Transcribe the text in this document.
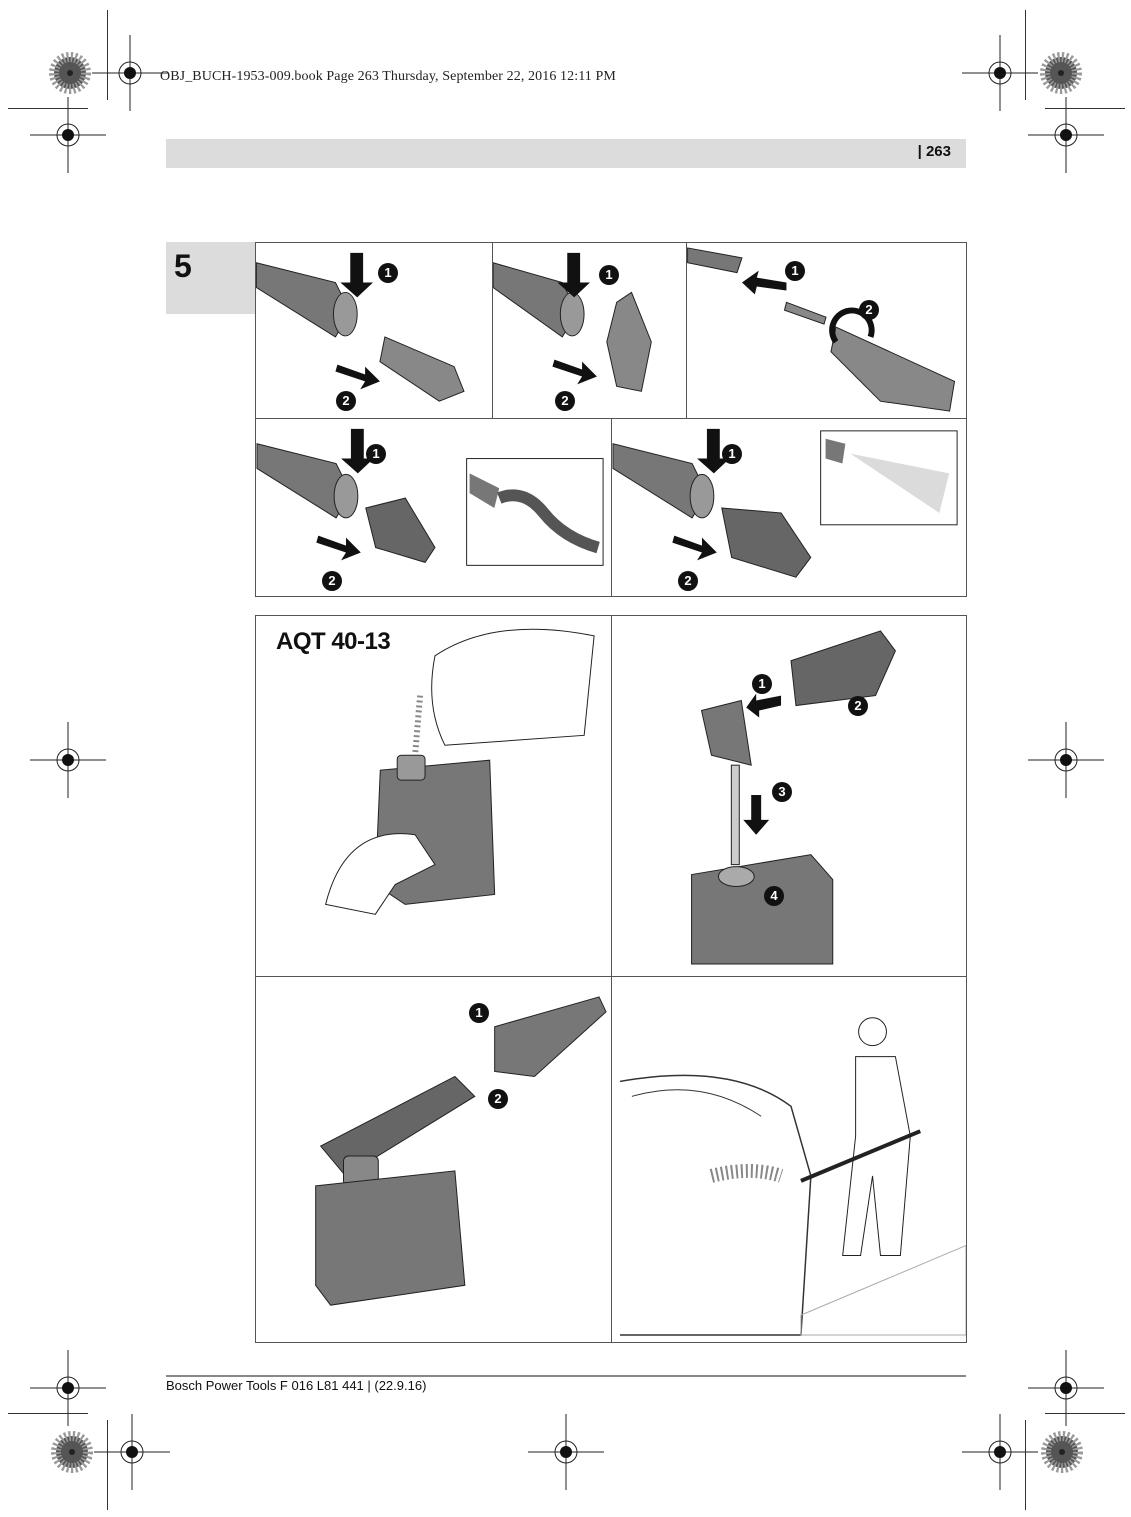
OBJ_BUCH-1953-009.book Page 263 Thursday, September 22, 2016 12:11 PM
| 263
5	1
2
1
2
1
2
1
2
1
2
AQT 40-13
1
2
3
4
1
2
Bosch Power Tools F 016 L81 441 | (22.9.16)
